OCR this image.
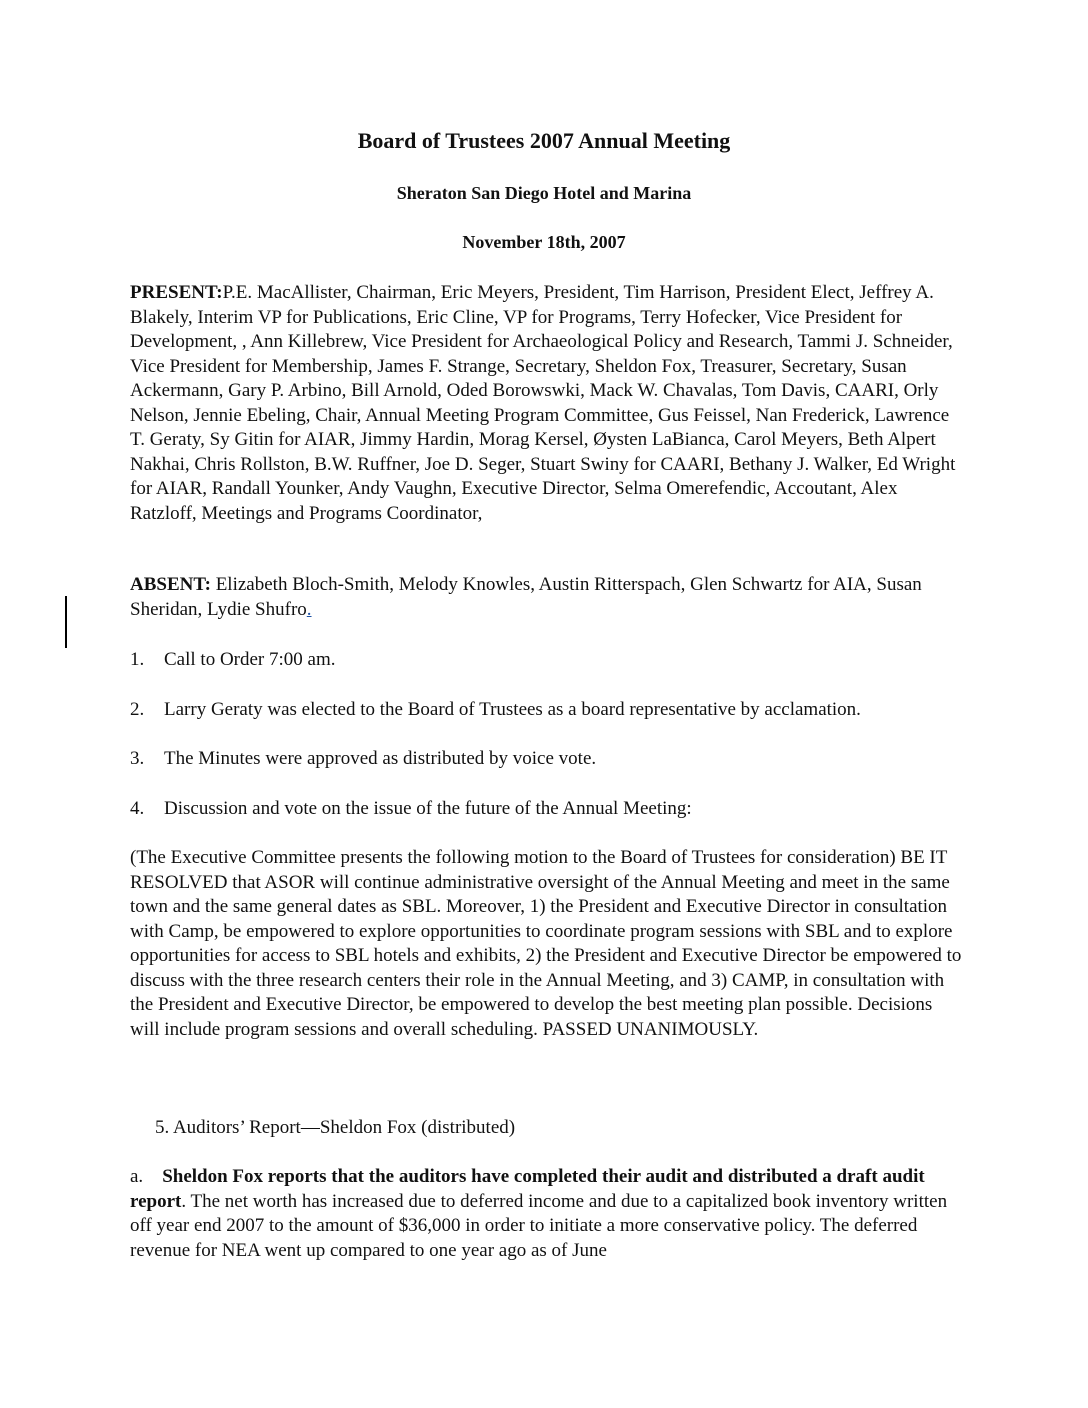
Board of Trustees 2007 Annual Meeting
Sheraton San Diego Hotel and Marina
November 18th, 2007
PRESENT:P.E. MacAllister, Chairman, Eric Meyers, President, Tim Harrison, President Elect, Jeffrey A. Blakely, Interim VP for Publications, Eric Cline, VP for Programs, Terry Hofecker, Vice President for Development, , Ann Killebrew, Vice President for Archaeological Policy and Research, Tammi J. Schneider, Vice President for Membership, James F. Strange, Secretary, Sheldon Fox, Treasurer, Secretary, Susan Ackermann, Gary P. Arbino, Bill Arnold, Oded Borowswki, Mack W. Chavalas, Tom Davis, CAARI, Orly Nelson, Jennie Ebeling, Chair, Annual Meeting Program Committee, Gus Feissel, Nan Frederick, Lawrence T. Geraty, Sy Gitin for AIAR, Jimmy Hardin, Morag Kersel, Øysten LaBianca, Carol Meyers, Beth Alpert Nakhai, Chris Rollston, B.W. Ruffner, Joe D. Seger, Stuart Swiny for CAARI, Bethany J. Walker, Ed Wright for AIAR, Randall Younker, Andy Vaughn, Executive Director, Selma Omerefendic, Accoutant, Alex Ratzloff, Meetings and Programs Coordinator,
ABSENT: Elizabeth Bloch-Smith, Melody Knowles, Austin Ritterspach, Glen Schwartz for AIA, Susan Sheridan, Lydie Shufro.
1. Call to Order 7:00 am.
2. Larry Geraty was elected to the Board of Trustees as a board representative by acclamation.
3. The Minutes were approved as distributed by voice vote.
4. Discussion and vote on the issue of the future of the Annual Meeting:
(The Executive Committee presents the following motion to the Board of Trustees for consideration) BE IT RESOLVED that ASOR will continue administrative oversight of the Annual Meeting and meet in the same town and the same general dates as SBL. Moreover, 1) the President and Executive Director in consultation with Camp, be empowered to explore opportunities to coordinate program sessions with SBL and to explore opportunities for access to SBL hotels and exhibits, 2) the President and Executive Director be empowered to discuss with the three research centers their role in the Annual Meeting, and 3) CAMP, in consultation with the President and Executive Director, be empowered to develop the best meeting plan possible. Decisions will include program sessions and overall scheduling. PASSED UNANIMOUSLY.
5. Auditors’ Report—Sheldon Fox (distributed)
a. Sheldon Fox reports that the auditors have completed their audit and distributed a draft audit report. The net worth has increased due to deferred income and due to a capitalized book inventory written off year end 2007 to the amount of $36,000 in order to initiate a more conservative policy. The deferred revenue for NEA went up compared to one year ago as of June
